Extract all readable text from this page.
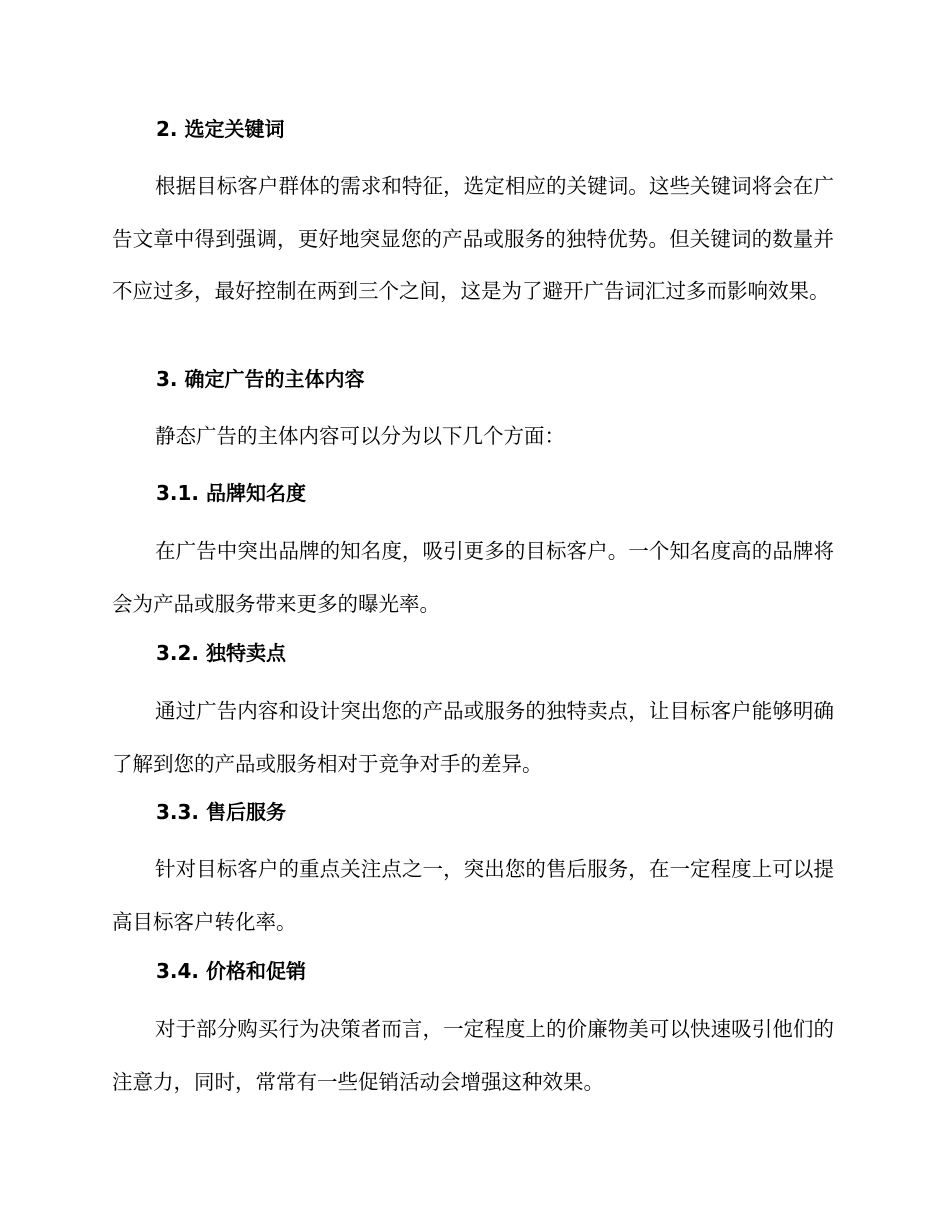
2. 选定关键词
根据目标客户群体的需求和特征，选定相应的关键词。这些关键词将会在广告文章中得到强调，更好地突显您的产品或服务的独特优势。但关键词的数量并不应过多，最好控制在两到三个之间，这是为了避开广告词汇过多而影响效果。
3. 确定广告的主体内容
静态广告的主体内容可以分为以下几个方面：
3.1. 品牌知名度
在广告中突出品牌的知名度，吸引更多的目标客户。一个知名度高的品牌将会为产品或服务带来更多的曝光率。
3.2. 独特卖点
通过广告内容和设计突出您的产品或服务的独特卖点，让目标客户能够明确了解到您的产品或服务相对于竞争对手的差异。
3.3. 售后服务
针对目标客户的重点关注点之一，突出您的售后服务，在一定程度上可以提高目标客户转化率。
3.4. 价格和促销
对于部分购买行为决策者而言，一定程度上的价廉物美可以快速吸引他们的注意力，同时，常常有一些促销活动会增强这种效果。
